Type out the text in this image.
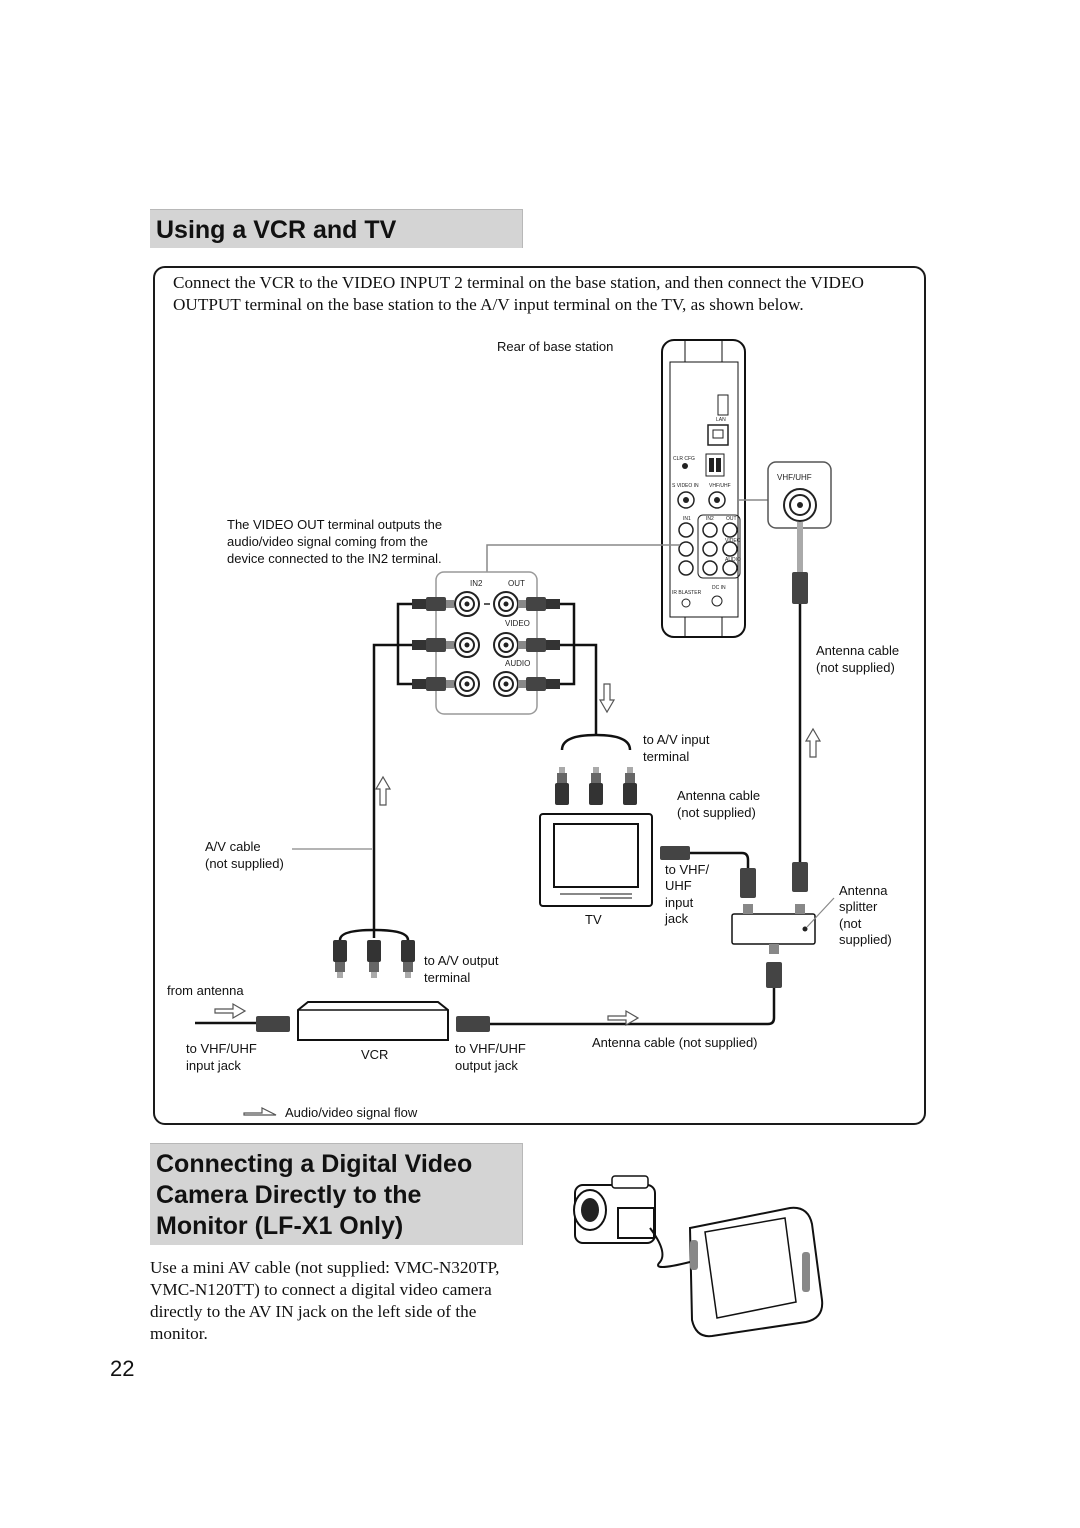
Using a VCR and TV

Connect the VCR to the VIDEO INPUT 2 terminal on the base station, and then connect the VIDEO OUTPUT terminal on the base station to the A/V input terminal on the TV, as shown below.

Rear of base station
LAN
CLR CFG
S VIDEO IN VHF/UHF
IN1	IN2 OUT
VIDEO
AUDIO
DC IN
IR BLASTER
VHF/UHF
Antenna cable
(not supplied)
The VIDEO OUT terminal outputs the
audio/video signal coming from the
device connected to the IN2 terminal.
IN2	OUT
VIDEO
AUDIO
to A/V input
terminal
Antenna cable
(not supplied)
TV
to VHF/
UHF
input
jack
Antenna
splitter
(not
supplied)
Antenna cable (not supplied)
A/V cable
(not supplied)
to A/V output
terminal
VCR
from antenna
to VHF/UHF
input jack
to VHF/UHF
output jack
Audio/video signal flow
Connecting a Digital Video
Camera Directly to the
Monitor (LF-X1 Only)

Use a mini AV cable (not supplied: VMC-N320TP, VMC-N120TT) to connect a digital video camera directly to the AV IN jack on the left side of the monitor.

22
